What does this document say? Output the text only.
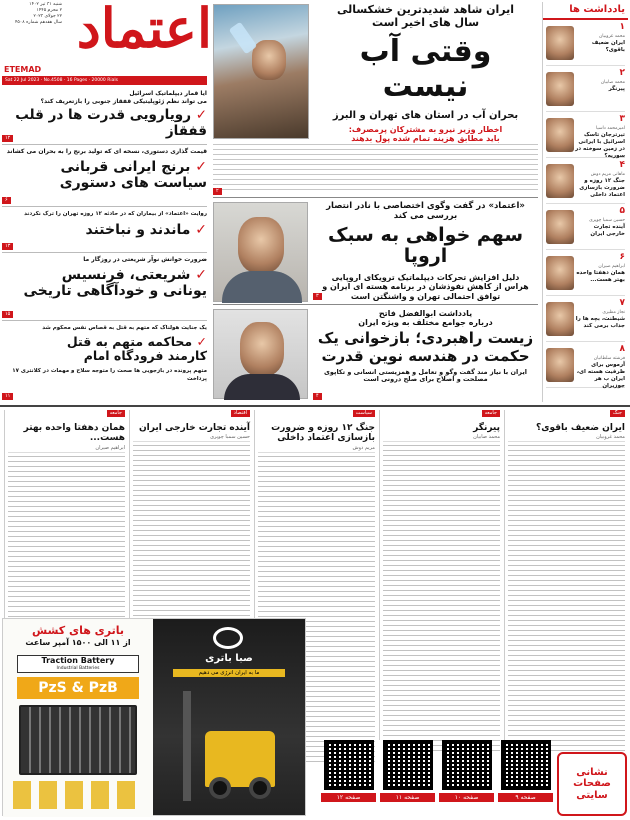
شنبه ۳۱ تیر ۱۴۰۲
۲ محرم ۱۴۴۵
۲۲ جولای ۲۰۲۳
سال هفدهم شماره ۴۵۰۸ اعتماد
ETEMAD
Sat 22 Jul 2023 · No.4508 · 16 Pages · 20000 Rials
ایا قمار دیپلماتیک اسرائیل
می تواند نظم ژئوپلیتیکی قفقاز جنوبی را بازتعریف کند؟
✓ رویارویی قدرت ها در قلب قفقاز
۱۲
قیمت گذاری دستوری، نسخه ای که تولید برنج را به بحران می کشاند
✓ برنج ایرانی قربانی سیاست های دستوری
۶
روایت «اعتماد» از بیماران که در حادثه ۱۲ روزه تهران را ترک نکردند
✓ ماندند و نباختند
۱۳
ضرورت خوانش نوآر شریعتی در روزگار ما
✓ شریعتی، فرنسیس یونانی و خودآگاهی تاریخی
۱۵
یک جنایت هولناک که متهم به قتل به قصاص نفس محکوم شد
✓ محاکمه متهم به قتل کارمند فرودگاه امام
متهم پرونده در بازجویی ها صحت را متوجه سلاح و مهمات در کلانتری ۱۷ پرداخت
۱۱
ایران شاهد شدیدترین خشکسالی
سال های اخیر است
وقتی آب نیست
بحران آب در استان های تهران و البرز
اخطار وزیر نیرو به مشترکان پرمصرف:
باید مطابق هزینه تمام شده پول بدهند
۲
«اعتماد» در گفت وگوی اختصاصی با نادر انتصار
بررسی می کند
سهم خواهی به سبک اروپا
دلیل افزایش تحرکات دیپلماتیک ترویکای اروپایی
هراس از کاهش نفوذشان در برنامه هسته ای ایران و
توافق احتمالی تهران و واشنگتن است
۳
یادداشت ابوالفضل فاتح
درباره جوامع مختلف به ویژه ایران
زیست راهبردی؛ بازخوانی یک
حکمت در هندسه نوین قدرت
ایران با نیاز مند گفت وگو و تعامل و همزیستی انسانی و تکاپوی
مصلحت و اصلاح برای صلح درونی است
۴
یادداشت ها
۱
محمد غروبیان
ایران ضعیف باقوی؟
۲
محمد صابیان
پیرنگر
۳
امیرمحمد داسیا
تیرترجان تاسک اسرائیل با ایرانی در زمین سوخته در سوریه؟
۴
ماهانی مریم دوش
جنگ ۱۲ روزه و ضرورت بازسازی اعتماد داخلی
۵
حسین سمبا چوپری
آینده تجارت خارجی ایران
۶
ابراهیم صیران
همان دهفتا واحده بهتر هست...
۷
نجاز مظیری
شیطنت، بچه ها را جذاب برمی کند
۸
فرشته سلطانیان
آرموس برای ظرفیت هسته ای، ایران ب هر جوزیران
جنگ
ایران ضعیف باقوی؟
محمد غروبیان
جامعه
پیرنگر
محمد صابیان
سیاست
جنگ ۱۲ روزه و ضرورت بازسازی اعتماد داخلی
مریم دوش
اقتصاد
آینده تجارت خارجی ایران
حسین سمبا چوپری
جامعه
همان دهفتا واحده بهتر هست...
ابراهیم صیران
باتری های کشش
از ۱۱ الی ۱۵۰۰ آمپر ساعت
Traction Battery
Industrial Batteries
PzS & PzB
صبا باتری
ما به ایران انرژی می دهیم
صفحه ۹
صفحه ۱۰
صفحه ۱۱
صفحه ۱۲
نشانی صفحات سایتی
